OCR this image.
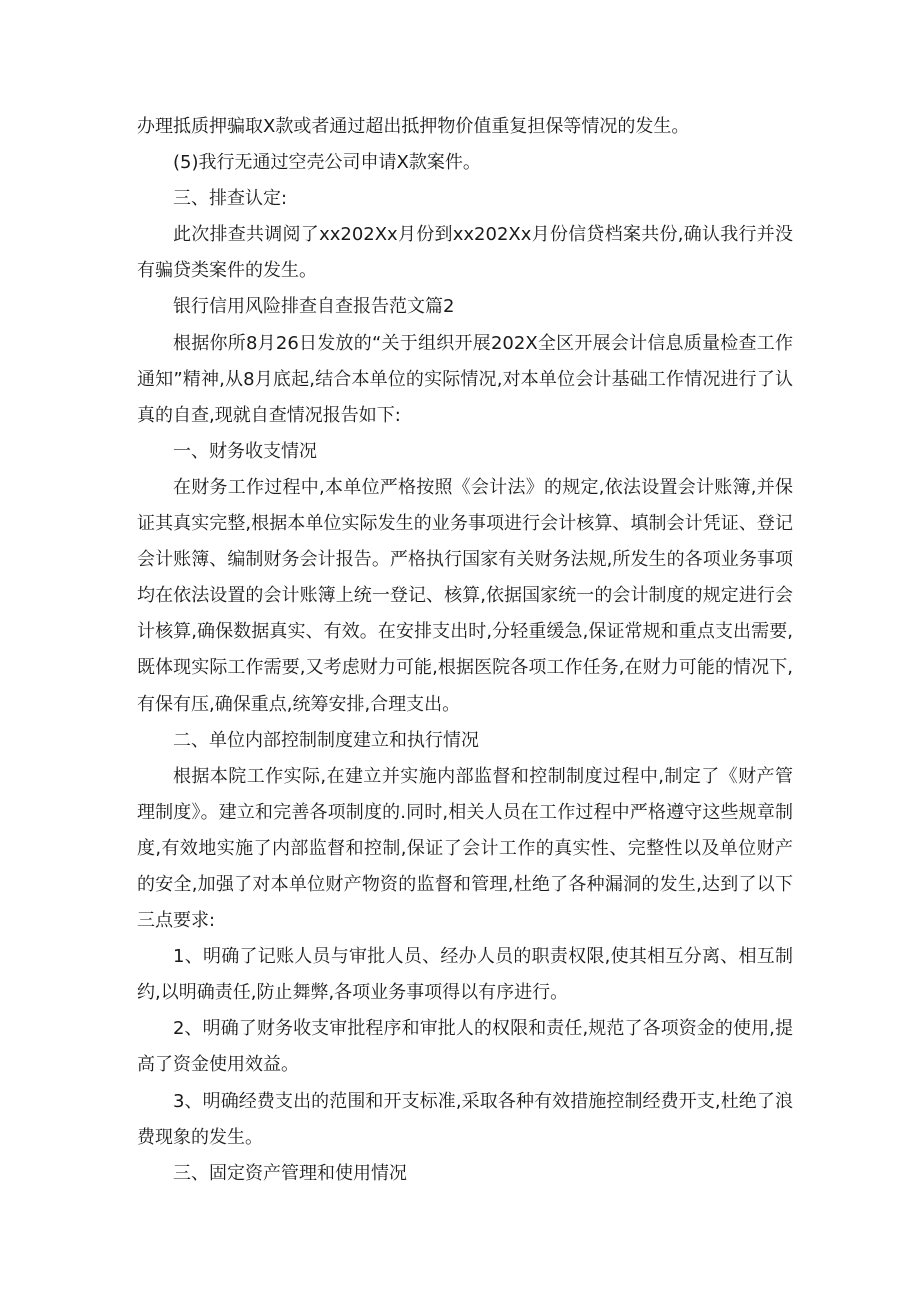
办理抵质押骗取X款或者通过超出抵押物价值重复担保等情况的发生。

(5)我行无通过空壳公司申请X款案件。

三、排查认定:

此次排查共调阅了xx202Xx月份到xx202Xx月份信贷档案共份,确认我行并没有骗贷类案件的发生。

银行信用风险排查自查报告范文篇2

根据你所8月26日发放的“关于组织开展202X全区开展会计信息质量检查工作通知”精神,从8月底起,结合本单位的实际情况,对本单位会计基础工作情况进行了认真的自查,现就自查情况报告如下:

一、财务收支情况

在财务工作过程中,本单位严格按照《会计法》的规定,依法设置会计账簿,并保证其真实完整,根据本单位实际发生的业务事项进行会计核算、填制会计凭证、登记会计账簿、编制财务会计报告。严格执行国家有关财务法规,所发生的各项业务事项均在依法设置的会计账簿上统一登记、核算,依据国家统一的会计制度的规定进行会计核算,确保数据真实、有效。在安排支出时,分轻重缓急,保证常规和重点支出需要,既体现实际工作需要,又考虑财力可能,根据医院各项工作任务,在财力可能的情况下,有保有压,确保重点,统筹安排,合理支出。

二、单位内部控制制度建立和执行情况

根据本院工作实际,在建立并实施内部监督和控制制度过程中,制定了《财产管理制度》。建立和完善各项制度的.同时,相关人员在工作过程中严格遵守这些规章制度,有效地实施了内部监督和控制,保证了会计工作的真实性、完整性以及单位财产的安全,加强了对本单位财产物资的监督和管理,杜绝了各种漏洞的发生,达到了以下三点要求:

1、明确了记账人员与审批人员、经办人员的职责权限,使其相互分离、相互制约,以明确责任,防止舞弊,各项业务事项得以有序进行。

2、明确了财务收支审批程序和审批人的权限和责任,规范了各项资金的使用,提高了资金使用效益。

3、明确经费支出的范围和开支标准,采取各种有效措施控制经费开支,杜绝了浪费现象的发生。

三、固定资产管理和使用情况
